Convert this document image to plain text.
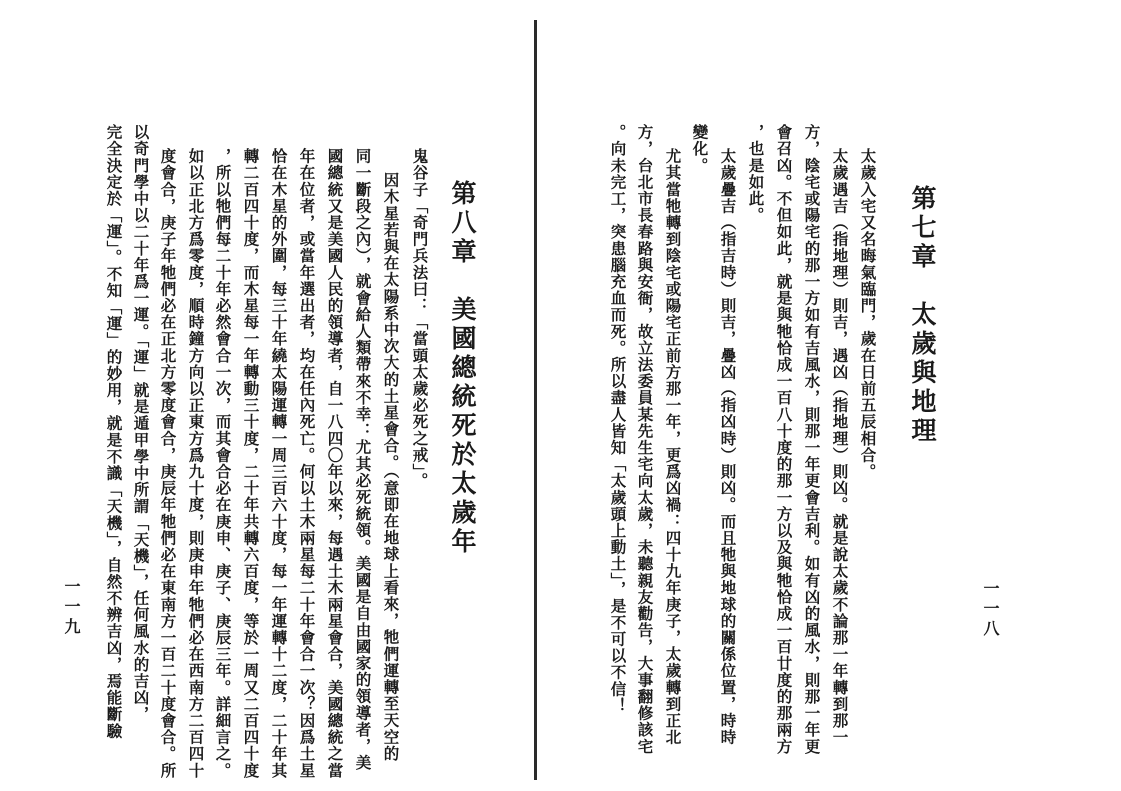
第八章　美國總統死於太歲年
鬼谷子「奇門兵法曰：「當頭太歲必死之戒」。
因木星若與在太陽系中次大的土星會合。（意即在地球上看來，牠們運轉至天空的
同一斷段之內），就會給人類帶來不幸：尤其必死統領。美國是自由國家的領導者，美
國總統又是美國人民的領導者，自一八四〇年以來，每遇土木兩星會合，美國總統之當
年在位者，或當年選出者，均在任內死亡。何以土木兩星每二十年會合一次？因爲土星
恰在木星的外圍，每三十年繞太陽運轉一周三百六十度，每一年運轉十二度，二十年其
轉二百四十度，而木星每一年轉動三十度，二十年共轉六百度，等於一周又二百四十度
，所以牠們每二十年必然會合一次，而其會合必在庚申、庚子、庚辰三年。詳細言之。
如以正北方爲零度，順時鐘方向以正東方爲九十度，則庚申年牠們必在西南方二百四十
度會合，庚子年牠們必在正北方零度會合，庚辰年牠們必在東南方一百二十度會合。所
以奇門學中以二十年爲一運。「運」就是遁甲學中所謂「天機」，任何風水的吉凶，
完全決定於「運」。不知「運」的妙用，就是不識「天機」，自然不辨吉凶，焉能斷驗
一一九
第七章　太歲與地理
太歲入宅又名晦氣臨門，歲在日前五辰相合。
太歲遇吉（指地理）則吉，遇凶（指地理）則凶。就是說太歲不論那一年轉到那一
方，陰宅或陽宅的那一方如有吉風水，則那一年更會吉利。如有凶的風水，則那一年更
會召凶。不但如此，就是與牠恰成一百八十度的那一方以及與牠恰成一百廿度的那兩方
，也是如此。
太歲疊吉（指吉時）則吉，疊凶（指凶時）則凶。而且牠與地球的關係位置，時時
變化。
尤其當牠轉到陰宅或陽宅正前方那一年，更爲凶禍：四十九年庚子，太歲轉到正北
方，台北市長春路與安衙，故立法委員某先生宅向太歲，未聽親友勸告，大事翻修該宅
。向未完工，突患腦充血而死。所以盡人皆知「太歲頭上動土」，是不可以不信！	一一八
